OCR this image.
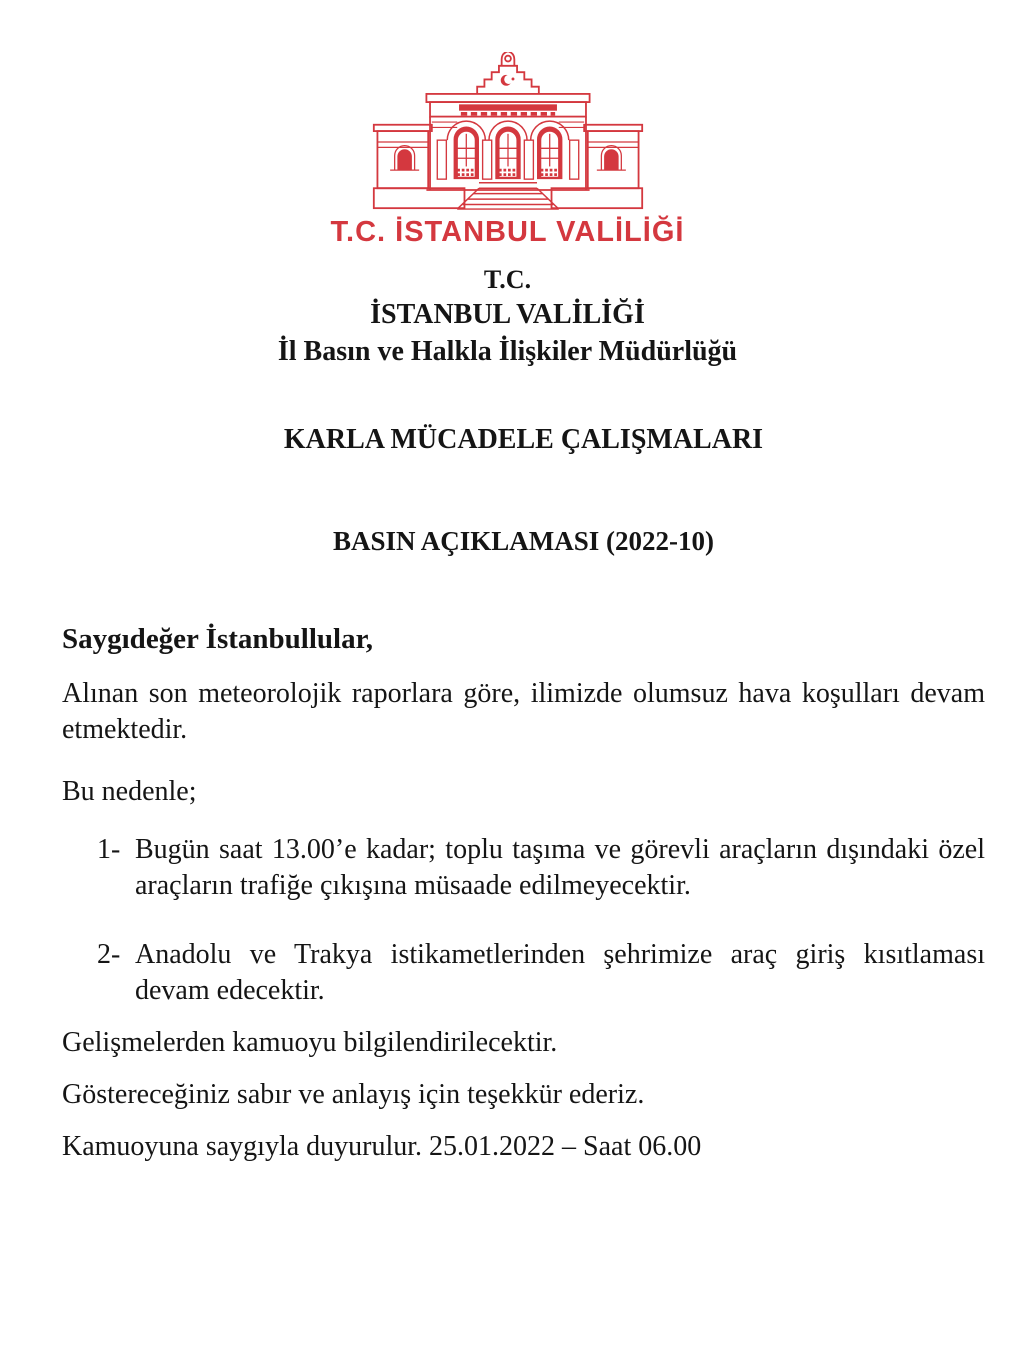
T.C. İSTANBUL VALİLİĞİ
T.C.
İSTANBUL VALİLİĞİ
İl Basın ve Halkla İlişkiler Müdürlüğü
KARLA MÜCADELE ÇALIŞMALARI
BASIN AÇIKLAMASI (2022-10)
Saygıdeğer İstanbullular,
Alınan son meteorolojik raporlara göre, ilimizde olumsuz hava koşulları devam etmektedir.
Bu nedenle;
1- Bugün saat 13.00’e kadar; toplu taşıma ve görevli araçların dışındaki özel araçların trafiğe çıkışına müsaade edilmeyecektir.
2- Anadolu ve Trakya istikametlerinden şehrimize araç giriş kısıtlaması devam edecektir.
Gelişmelerden kamuoyu bilgilendirilecektir.
Göstereceğiniz sabır ve anlayış için teşekkür ederiz.
Kamuoyuna saygıyla duyurulur. 25.01.2022 – Saat 06.00
